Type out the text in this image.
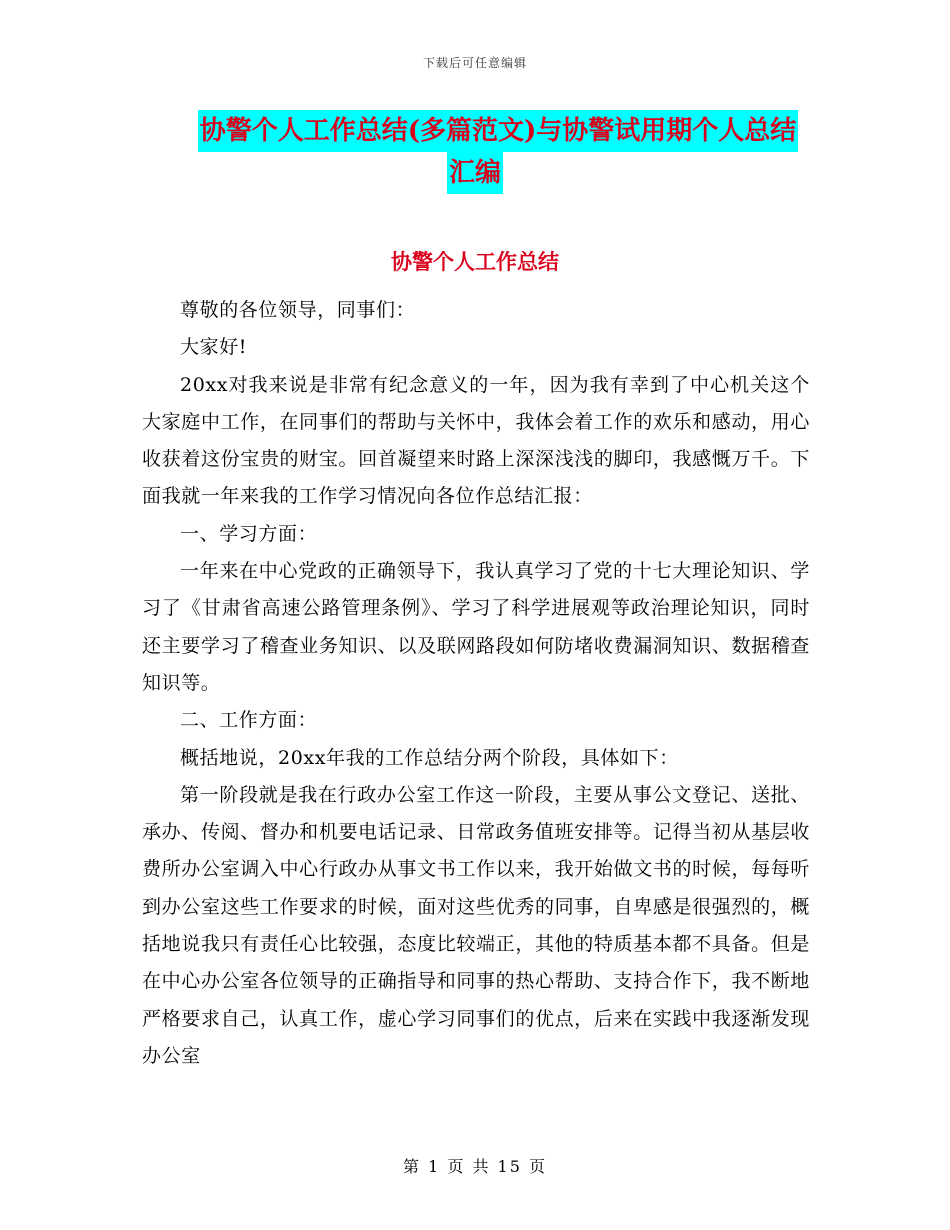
下载后可任意编辑
协警个人工作总结(多篇范文)与协警试用期个人总结
汇编
协警个人工作总结

尊敬的各位领导，同事们：

大家好!

20xx对我来说是非常有纪念意义的一年，因为我有幸到了中心机关这个大家庭中工作，在同事们的帮助与关怀中，我体会着工作的欢乐和感动，用心收获着这份宝贵的财宝。回首凝望来时路上深深浅浅的脚印，我感慨万千。下面我就一年来我的工作学习情况向各位作总结汇报：

一、学习方面：

一年来在中心党政的正确领导下，我认真学习了党的十七大理论知识、学习了《甘肃省高速公路管理条例》、学习了科学进展观等政治理论知识，同时还主要学习了稽查业务知识、以及联网路段如何防堵收费漏洞知识、数据稽查知识等。

二、工作方面：

概括地说，20xx年我的工作总结分两个阶段，具体如下：

第一阶段就是我在行政办公室工作这一阶段，主要从事公文登记、送批、承办、传阅、督办和机要电话记录、日常政务值班安排等。记得当初从基层收费所办公室调入中心行政办从事文书工作以来，我开始做文书的时候，每每听到办公室这些工作要求的时候，面对这些优秀的同事，自卑感是很强烈的，概括地说我只有责任心比较强，态度比较端正，其他的特质基本都不具备。但是在中心办公室各位领导的正确指导和同事的热心帮助、支持合作下，我不断地严格要求自己，认真工作，虚心学习同事们的优点，后来在实践中我逐渐发现办公室

第 1 页 共 15 页
